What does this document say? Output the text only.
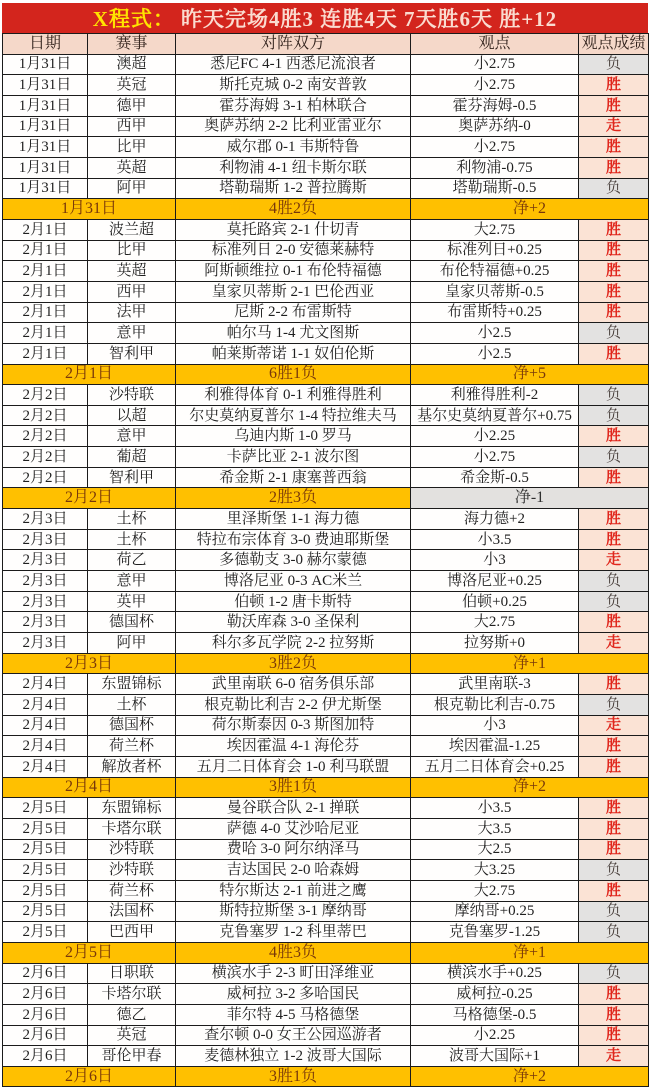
X程式： 昨天完场4胜3 连胜4天 7天胜6天 胜+12
日期	赛事	对阵双方	观点	观点成绩
1月31日	澳超	悉尼FC 4-1 西悉尼流浪者	小2.75	负
1月31日	英冠	斯托克城 0-2 南安普敦	小2.75	胜
1月31日	德甲	霍芬海姆 3-1 柏林联合	霍芬海姆-0.5	胜
1月31日	西甲	奥萨苏纳 2-2 比利亚雷亚尔	奥萨苏纳-0	走
1月31日	比甲	威尔郡 0-1 韦斯特鲁	小2.75	胜
1月31日	英超	利物浦 4-1 纽卡斯尔联	利物浦-0.75	胜
1月31日	阿甲	塔勒瑞斯 1-2 普拉腾斯	塔勒瑞斯-0.5	负
1月31日	4胜2负	净+2
2月1日	波兰超	莫托路宾 2-1 什切青	大2.75	胜
2月1日	比甲	标准列日 2-0 安德莱赫特	标准列日+0.25	胜
2月1日	英超	阿斯顿维拉 0-1 布伦特福德	布伦特福德+0.25	胜
2月1日	西甲	皇家贝蒂斯 2-1 巴伦西亚	皇家贝蒂斯-0.5	胜
2月1日	法甲	尼斯 2-2 布雷斯特	布雷斯特+0.25	胜
2月1日	意甲	帕尔马 1-4 尤文图斯	小2.5	负
2月1日	智利甲	帕莱斯蒂诺 1-1 奴伯伦斯	小2.5	胜
2月1日	6胜1负	净+5
2月2日	沙特联	利雅得体育 0-1 利雅得胜利	利雅得胜利-2	负
2月2日	以超	尔史莫纳夏普尔 1-4 特拉维夫马	基尔史莫纳夏普尔+0.75	负
2月2日	意甲	乌迪内斯 1-0 罗马	小2.25	胜
2月2日	葡超	卡萨比亚 2-1 波尔图	小2.75	负
2月2日	智利甲	希金斯 2-1 康塞普西翁	希金斯-0.5	胜
2月2日	2胜3负	净-1
2月3日	土杯	里泽斯堡 1-1 海力德	海力德+2	胜
2月3日	土杯	特拉布宗体育 3-0 费迪耶斯堡	小3.5	胜
2月3日	荷乙	多德勒支 3-0 赫尔蒙德	小3	走
2月3日	意甲	博洛尼亚 0-3 AC米兰	博洛尼亚+0.25	负
2月3日	英甲	伯顿 1-2 唐卡斯特	伯顿+0.25	负
2月3日	德国杯	勒沃库森 3-0 圣保利	大2.75	胜
2月3日	阿甲	科尔多瓦学院 2-2 拉努斯	拉努斯+0	走
2月3日	3胜2负	净+1
2月4日	东盟锦标	武里南联 6-0 宿务俱乐部	武里南联-3	胜
2月4日	土杯	根克勒比利吉 2-2 伊尤斯堡	根克勒比利吉-0.75	负
2月4日	德国杯	荷尔斯泰因 0-3 斯图加特	小3	走
2月4日	荷兰杯	埃因霍温 4-1 海伦芬	埃因霍温-1.25	胜
2月4日	解放者杯	五月二日体育会 1-0 利马联盟	五月二日体育会+0.25	胜
2月4日	3胜1负	净+2
2月5日	东盟锦标	曼谷联合队 2-1 掸联	小3.5	胜
2月5日	卡塔尔联	萨德 4-0 艾沙哈尼亚	大3.5	胜
2月5日	沙特联	费哈 3-0 阿尔纳泽马	大2.5	胜
2月5日	沙特联	吉达国民 2-0 哈森姆	大3.25	负
2月5日	荷兰杯	特尔斯达 2-1 前进之鹰	大2.75	胜
2月5日	法国杯	斯特拉斯堡 3-1 摩纳哥	摩纳哥+0.25	负
2月5日	巴西甲	克鲁塞罗 1-2 科里蒂巴	克鲁塞罗-1.25	负
2月5日	4胜3负	净+1
2月6日	日职联	横滨水手 2-3 町田泽维亚	横滨水手+0.25	负
2月6日	卡塔尔联	威柯拉 3-2 多哈国民	威柯拉-0.25	胜
2月6日	德乙	菲尔特 4-5 马格德堡	马格德堡-0.5	胜
2月6日	英冠	查尔顿 0-0 女王公园巡游者	小2.25	胜
2月6日	哥伦甲春	麦德林独立 1-2 波哥大国际	波哥大国际+1	走
2月6日	3胜1负	净+2
